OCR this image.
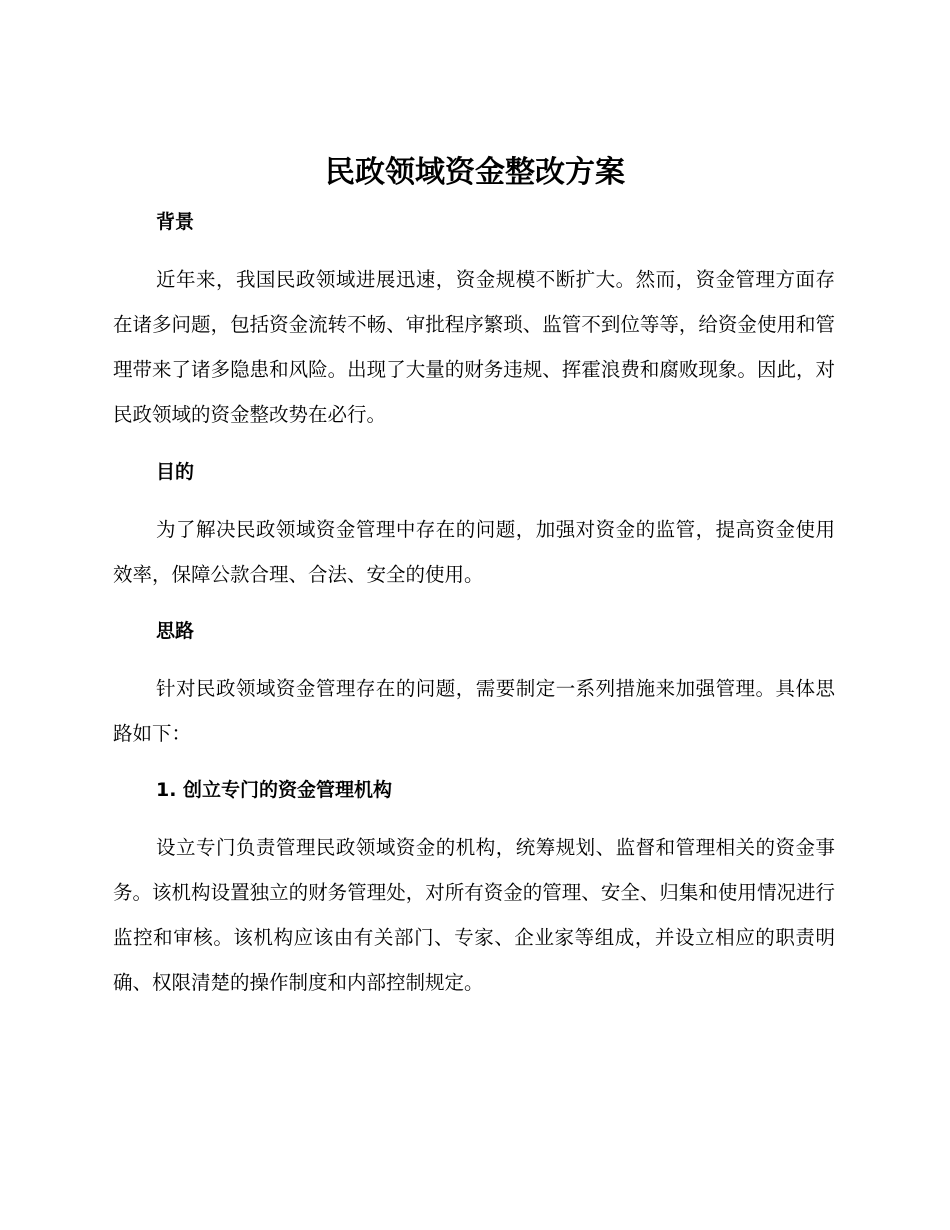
民政领域资金整改方案
背景

近年来，我国民政领域进展迅速，资金规模不断扩大。然而，资金管理方面存在诸多问题，包括资金流转不畅、审批程序繁琐、监管不到位等等，给资金使用和管理带来了诸多隐患和风险。出现了大量的财务违规、挥霍浪费和腐败现象。因此，对民政领域的资金整改势在必行。

目的

为了解决民政领域资金管理中存在的问题，加强对资金的监管，提高资金使用效率，保障公款合理、合法、安全的使用。

思路

针对民政领域资金管理存在的问题，需要制定一系列措施来加强管理。具体思路如下：

1. 创立专门的资金管理机构

设立专门负责管理民政领域资金的机构，统筹规划、监督和管理相关的资金事务。该机构设置独立的财务管理处，对所有资金的管理、安全、归集和使用情况进行监控和审核。该机构应该由有关部门、专家、企业家等组成，并设立相应的职责明确、权限清楚的操作制度和内部控制规定。
